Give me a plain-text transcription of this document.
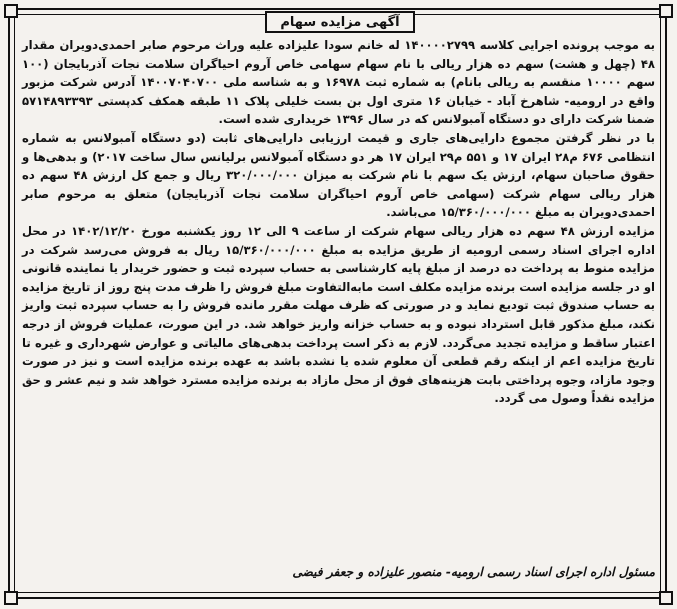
آگهی مزایده سهام

به موجب پرونده اجرایی کلاسه ۱۴۰۰۰۰۲۷۹۹ له خانم سودا علیزاده علیه وراث مرحوم صابر احمدی‌دویران مقدار ۴۸ (چهل و هشت) سهم ده هزار ریالی با نام سهام سهامی خاص آروم احیاگران سلامت نجات آذربایجان (۱۰۰ سهم ۱۰۰۰۰ منقسم به ریالی بانام) به شماره ثبت ۱۶۹۷۸ و به شناسه ملی ۱۴۰۰۷۰۴۰۷۰۰ آدرس شرکت مزبور واقع در ارومیه- شاهرخ آباد - خیابان ۱۶ متری اول بن بست خلیلی پلاک ۱۱ طبقه همکف کدپستی ۵۷۱۴۸۹۳۳۹۳ ضمنا شرکت دارای دو دستگاه آمبولانس که در سال ۱۳۹۶ خریداری شده است.

با در نظر گرفتن مجموع دارایی‌های جاری و قیمت ارزیابی دارایی‌های ثابت (دو دستگاه آمبولانس به شماره انتظامی ۶۷۶ م۲۸ ایران ۱۷ و ۵۵۱ م۲۹ ایران ۱۷ هر دو دستگاه آمبولانس برلیانس سال ساخت ۲۰۱۷) و بدهی‌ها و حقوق صاحبان سهام، ارزش یک سهم با نام شرکت به میزان ۳۲۰/۰۰۰/۰۰۰ ریال و جمع کل ارزش ۴۸ سهم ده هزار ریالی سهام شرکت (سهامی خاص آروم احیاگران سلامت نجات آذربایجان) متعلق به مرحوم صابر احمدی‌دویران به مبلغ ۱۵/۳۶۰/۰۰۰/۰۰۰ می‌باشد.

مزایده ارزش ۴۸ سهم ده هزار ریالی سهام شرکت از ساعت ۹ الی ۱۲ روز یکشنبه مورخ ۱۴۰۲/۱۲/۲۰ در محل اداره اجرای اسناد رسمی ارومیه از طریق مزایده به مبلغ ۱۵/۳۶۰/۰۰۰/۰۰۰ ریال به فروش می‌رسد شرکت در مزایده منوط به پرداخت ده درصد از مبلغ پایه کارشناسی به حساب سپرده ثبت و حضور خریدار یا نماینده قانونی او در جلسه مزایده است برنده مزایده مکلف است مابه‌التفاوت مبلغ فروش را ظرف مدت پنج روز از تاریخ مزایده به حساب صندوق ثبت تودیع نماید و در صورتی که ظرف مهلت مقرر مانده فروش را به حساب سپرده ثبت واریز نکند، مبلغ مذکور قابل استرداد نبوده و به حساب خزانه واریز خواهد شد. در این صورت، عملیات فروش از درجه اعتبار ساقط و مزایده تجدید می‌گردد. لازم به ذکر است پرداخت بدهی‌های مالیاتی و عوارض شهرداری و غیره تا تاریخ مزایده اعم از اینکه رقم قطعی آن معلوم شده یا نشده باشد به عهده برنده مزایده است و نیز در صورت وجود مازاد، وجوه پرداختی بابت هزینه‌های فوق از محل مازاد به برنده مزایده مسترد خواهد شد و نیم عشر و حق مزایده نقداً وصول می گردد.

مسئول اداره اجرای اسناد رسمی ارومیه- منصور علیزاده و جعفر فیضی
